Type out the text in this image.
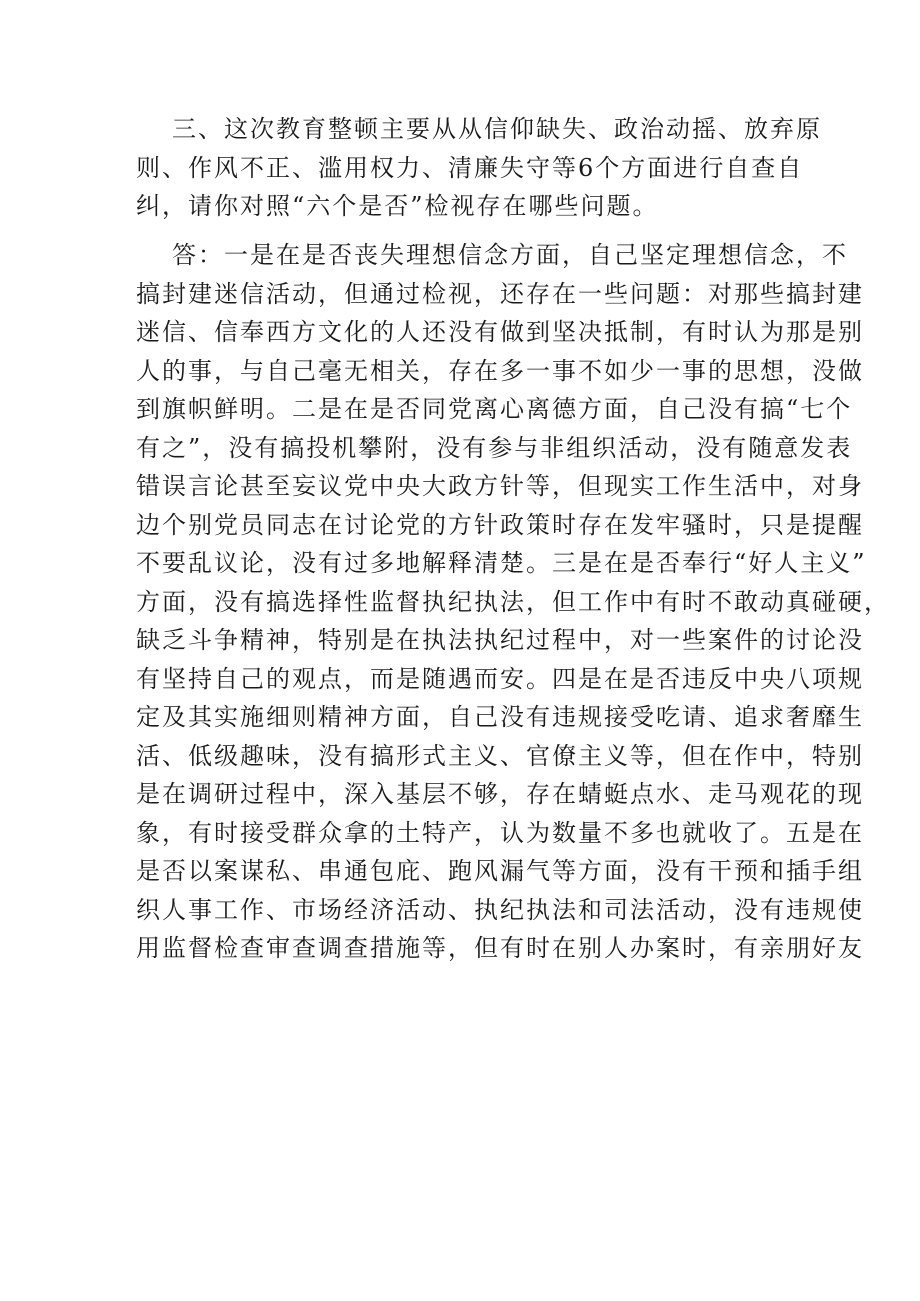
三、这次教育整顿主要从从信仰缺失、政治动摇、放弃原
则、作风不正、滥用权力、清廉失守等6个方面进行自查自
纠，请你对照“六个是否”检视存在哪些问题。
答：一是在是否丧失理想信念方面，自己坚定理想信念，不
搞封建迷信活动，但通过检视，还存在一些问题：对那些搞封建
迷信、信奉西方文化的人还没有做到坚决抵制，有时认为那是别
人的事，与自己毫无相关，存在多一事不如少一事的思想，没做
到旗帜鲜明。二是在是否同党离心离德方面，自己没有搞“七个
有之”，没有搞投机攀附，没有参与非组织活动，没有随意发表
错误言论甚至妄议党中央大政方针等，但现实工作生活中，对身
边个别党员同志在讨论党的方针政策时存在发牢骚时，只是提醒
不要乱议论，没有过多地解释清楚。三是在是否奉行“好人主义”
方面，没有搞选择性监督执纪执法，但工作中有时不敢动真碰硬，
缺乏斗争精神，特别是在执法执纪过程中，对一些案件的讨论没
有坚持自己的观点，而是随遇而安。四是在是否违反中央八项规
定及其实施细则精神方面，自己没有违规接受吃请、追求奢靡生
活、低级趣味，没有搞形式主义、官僚主义等，但在作中，特别
是在调研过程中，深入基层不够，存在蜻蜓点水、走马观花的现
象，有时接受群众拿的土特产，认为数量不多也就收了。五是在
是否以案谋私、串通包庇、跑风漏气等方面，没有干预和插手组
织人事工作、市场经济活动、执纪执法和司法活动，没有违规使
用监督检查审查调查措施等，但有时在别人办案时，有亲朋好友
